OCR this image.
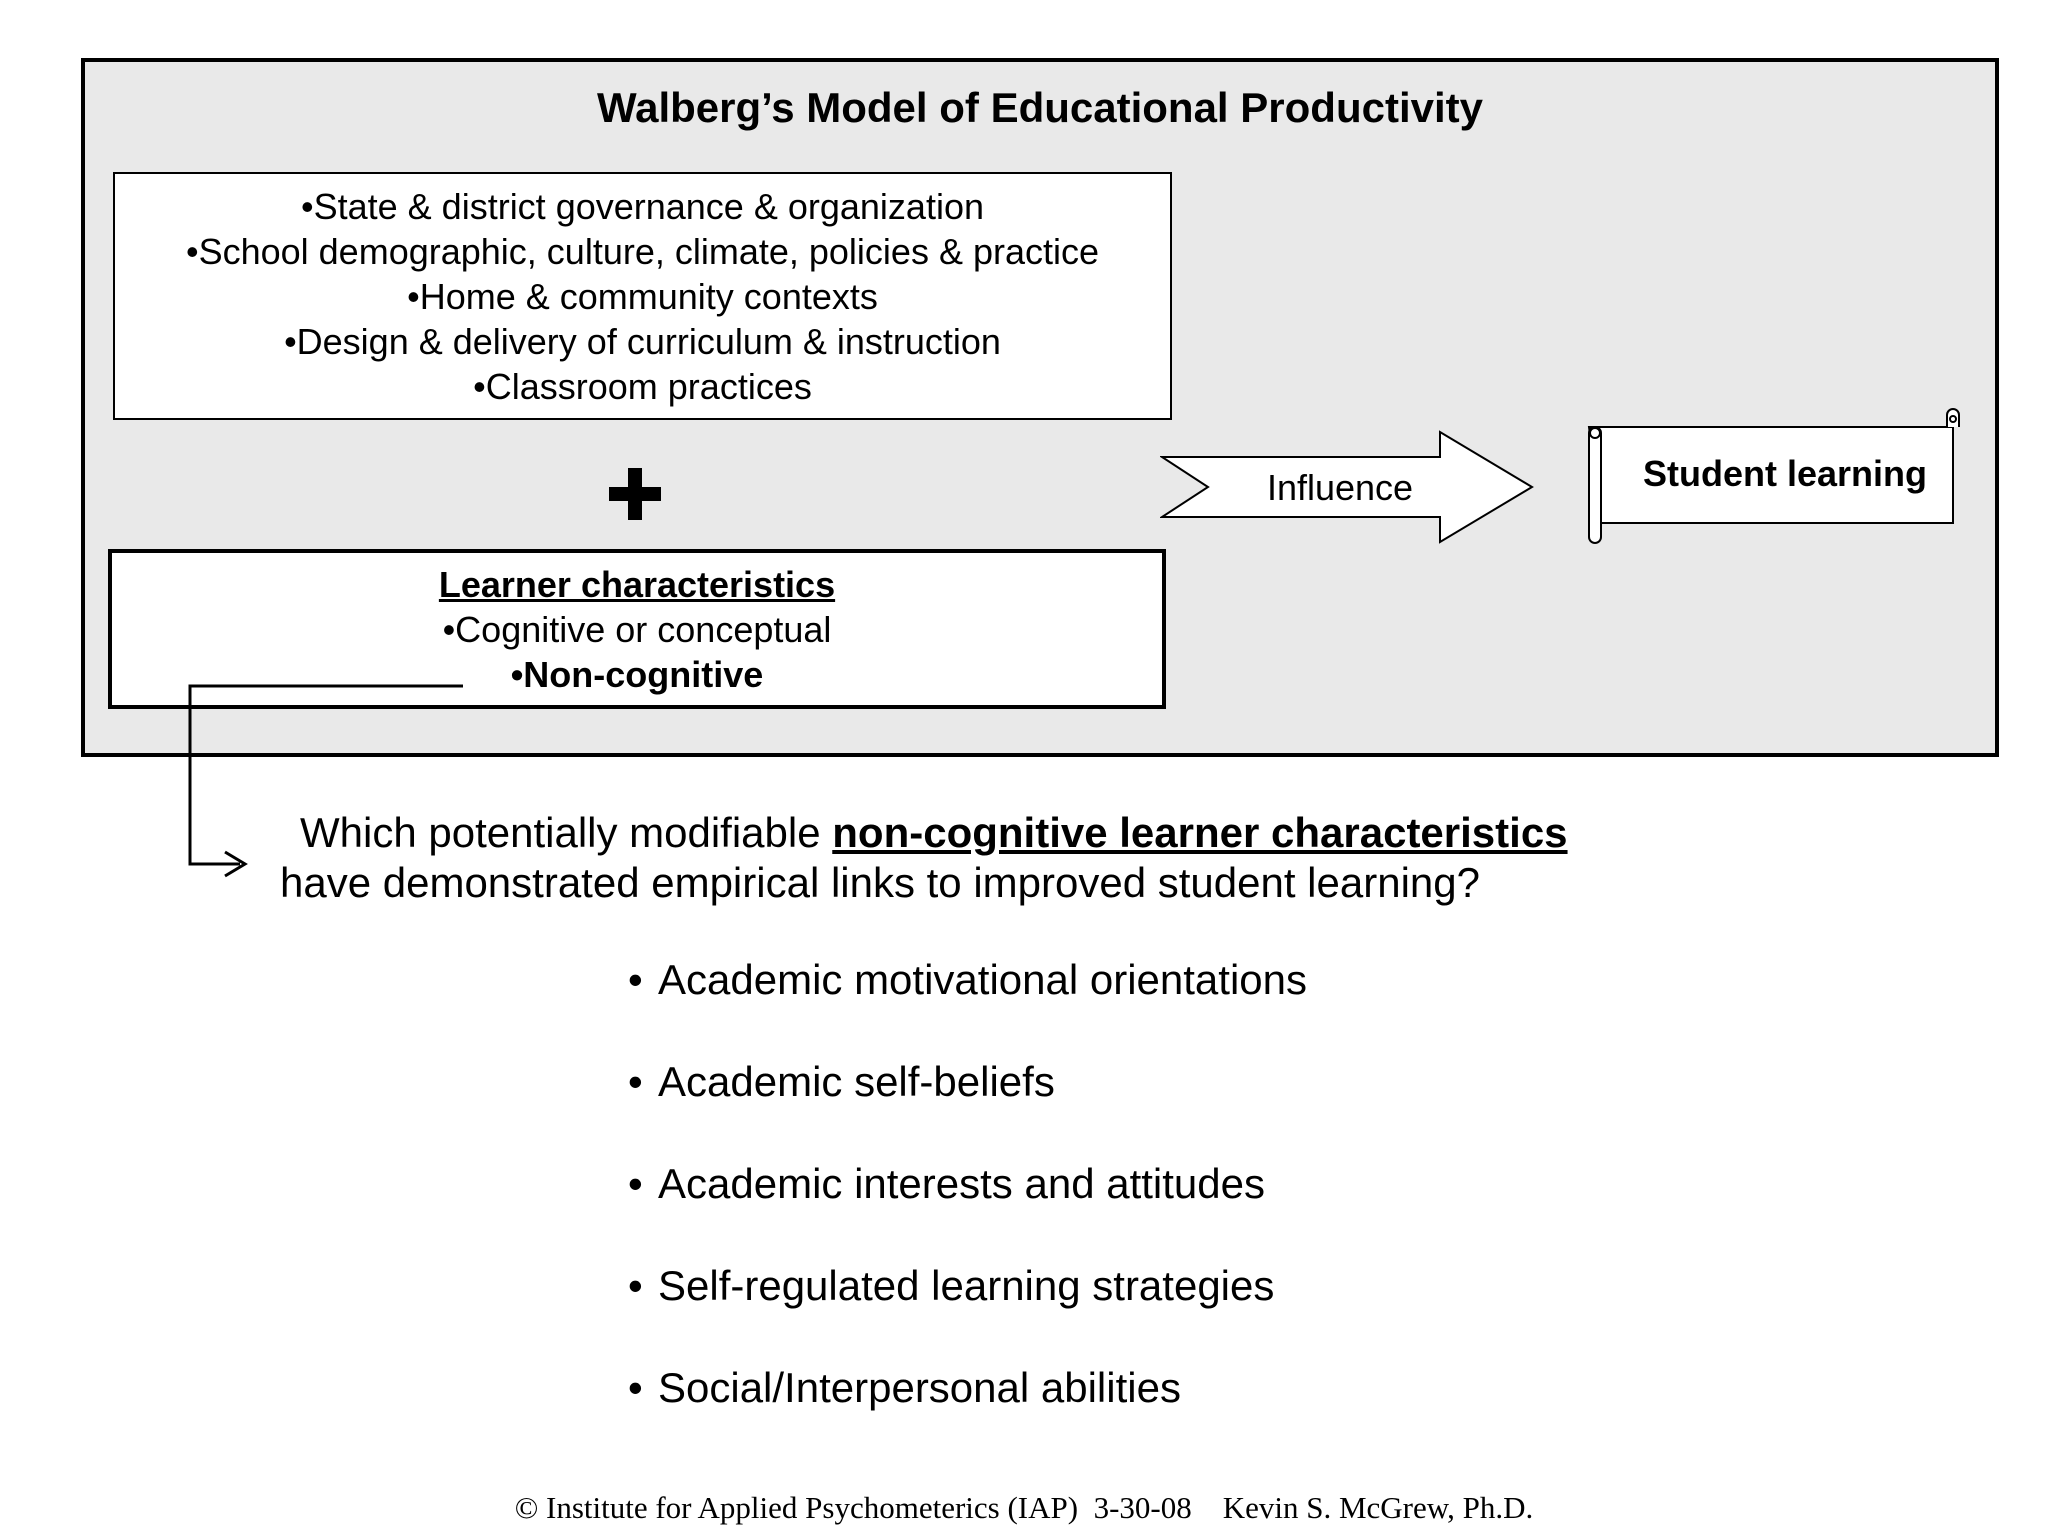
Walberg’s Model of Educational Productivity
•State & district governance & organization
•School demographic, culture, climate, policies & practice
•Home & community contexts
•Design & delivery of curriculum & instruction
•Classroom practices
Learner characteristics
•Cognitive or conceptual
•Non-cognitive
Influence	Student learning
Which potentially modifiable non-cognitive learner characteristics
have demonstrated empirical links to improved student learning?
• Academic motivational orientations
• Academic self-beliefs
• Academic interests and attitudes
• Self-regulated learning strategies
• Social/Interpersonal abilities
© Institute for Applied Psychometerics (IAP)  3-30-08    Kevin S. McGrew, Ph.D.
